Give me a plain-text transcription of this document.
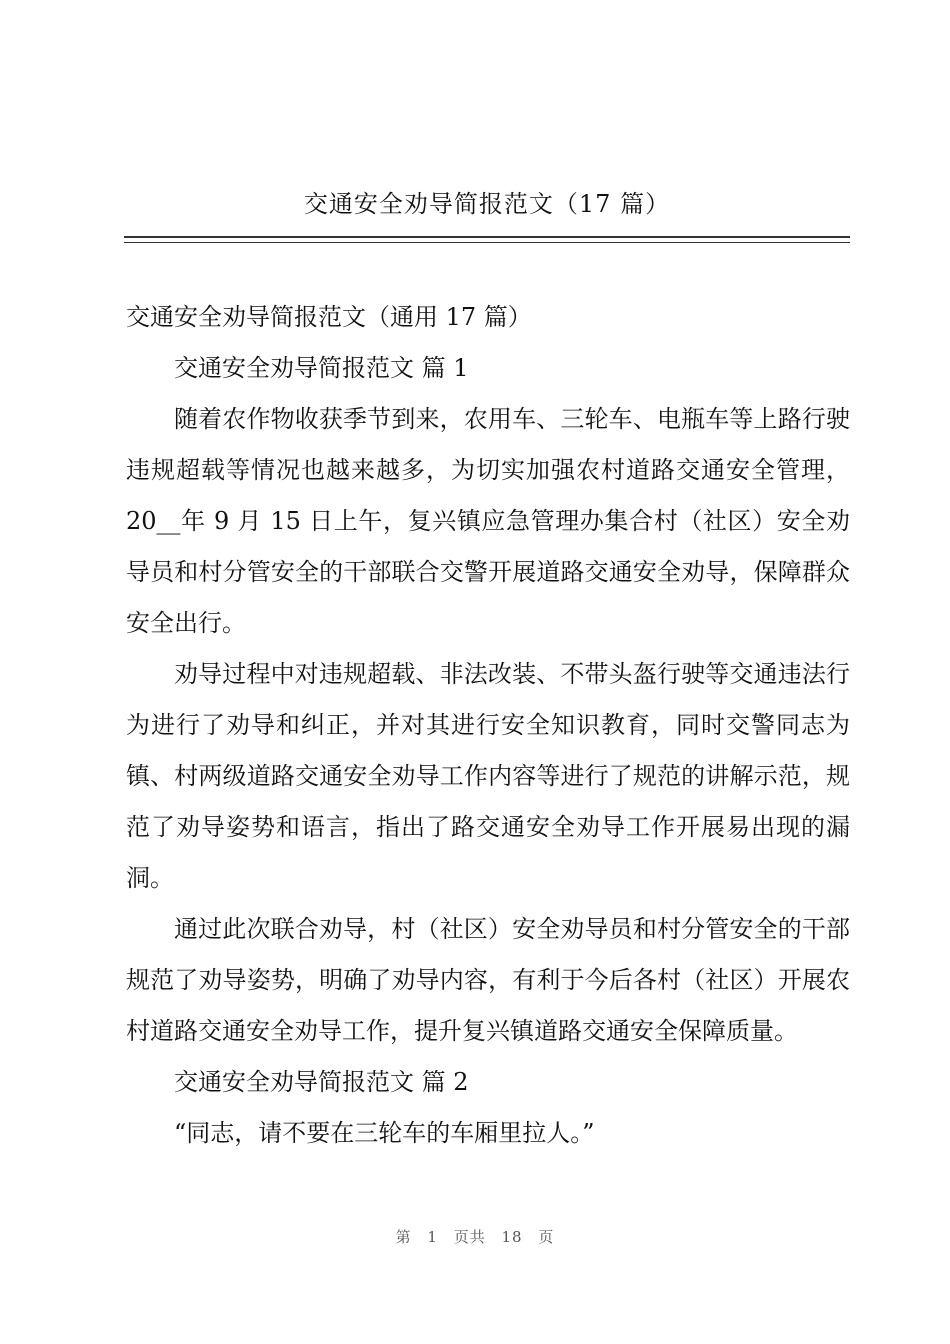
交通安全劝导简报范文（17 篇）

交通安全劝导简报范文（通用 17 篇）

交通安全劝导简报范文 篇 1

随着农作物收获季节到来，农用车、三轮车、电瓶车等上路行驶违规超载等情况也越来越多，为切实加强农村道路交通安全管理，20__年 9 月 15 日上午，复兴镇应急管理办集合村（社区）安全劝导员和村分管安全的干部联合交警开展道路交通安全劝导，保障群众安全出行。

劝导过程中对违规超载、非法改装、不带头盔行驶等交通违法行为进行了劝导和纠正，并对其进行安全知识教育，同时交警同志为镇、村两级道路交通安全劝导工作内容等进行了规范的讲解示范，规范了劝导姿势和语言，指出了路交通安全劝导工作开展易出现的漏洞。

通过此次联合劝导，村（社区）安全劝导员和村分管安全的干部规范了劝导姿势，明确了劝导内容，有利于今后各村（社区）开展农村道路交通安全劝导工作，提升复兴镇道路交通安全保障质量。

交通安全劝导简报范文 篇 2

“同志，请不要在三轮车的车厢里拉人。”

第 1 页共 18 页
